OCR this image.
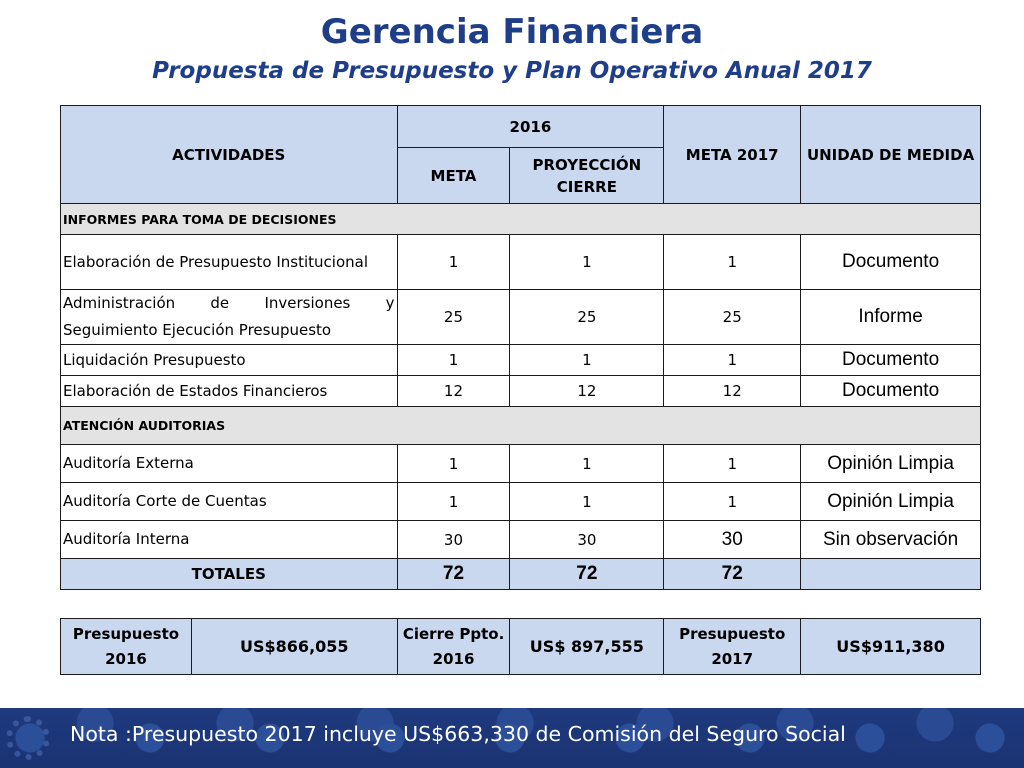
Gerencia Financiera
Propuesta de Presupuesto y Plan Operativo Anual 2017
ACTIVIDADES	2016		META 2017	UNIDAD DE MEDIDA
	META	PROYECCIÓN CIERRE		
INFORMES PARA TOMA DE DECISIONES				
Elaboración de Presupuesto Institucional	1	1	1	Documento
Administración de Inversiones y Seguimiento Ejecución Presupuesto	25	25	25	Informe
Liquidación Presupuesto	1	1	1	Documento
Elaboración de Estados Financieros	12	12	12	Documento
ATENCIÓN AUDITORIAS				
Auditoría Externa	1	1	1	Opinión Limpia
Auditoría Corte de Cuentas	1	1	1	Opinión Limpia
Auditoría Interna	30	30	30	Sin observación
TOTALES	72	72	72	
Presupuesto 2016	US$866,055	Cierre Ppto. 2016	US$ 897,555	Presupuesto 2017	US$911,380
Nota :Presupuesto 2017 incluye US$663,330 de Comisión del Seguro Social
